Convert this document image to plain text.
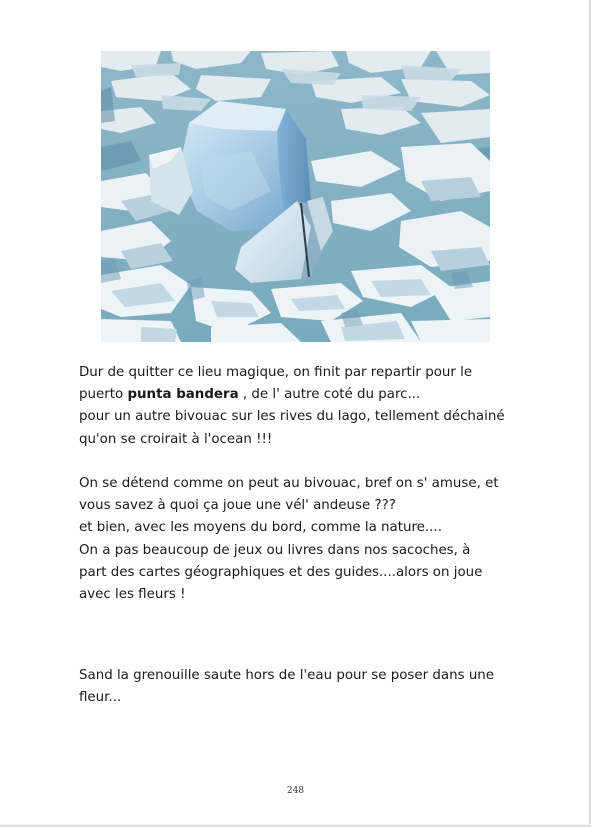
Dur de quitter ce lieu magique, on finit par repartir pour le

puerto punta bandera , de l' autre coté du parc...

pour un autre bivouac sur les rives du lago, tellement déchainé

qu'on se croirait à l'ocean !!!

On se détend comme on peut au bivouac, bref on s' amuse, et

vous savez à quoi ça joue une vél' andeuse ???

et bien, avec les moyens du bord, comme la nature....

On a pas beaucoup de jeux ou livres dans nos sacoches, à

part des cartes géographiques et des guides....alors on joue

avec les fleurs !

Sand la grenouille saute hors de l'eau pour se poser dans une

fleur...

248
